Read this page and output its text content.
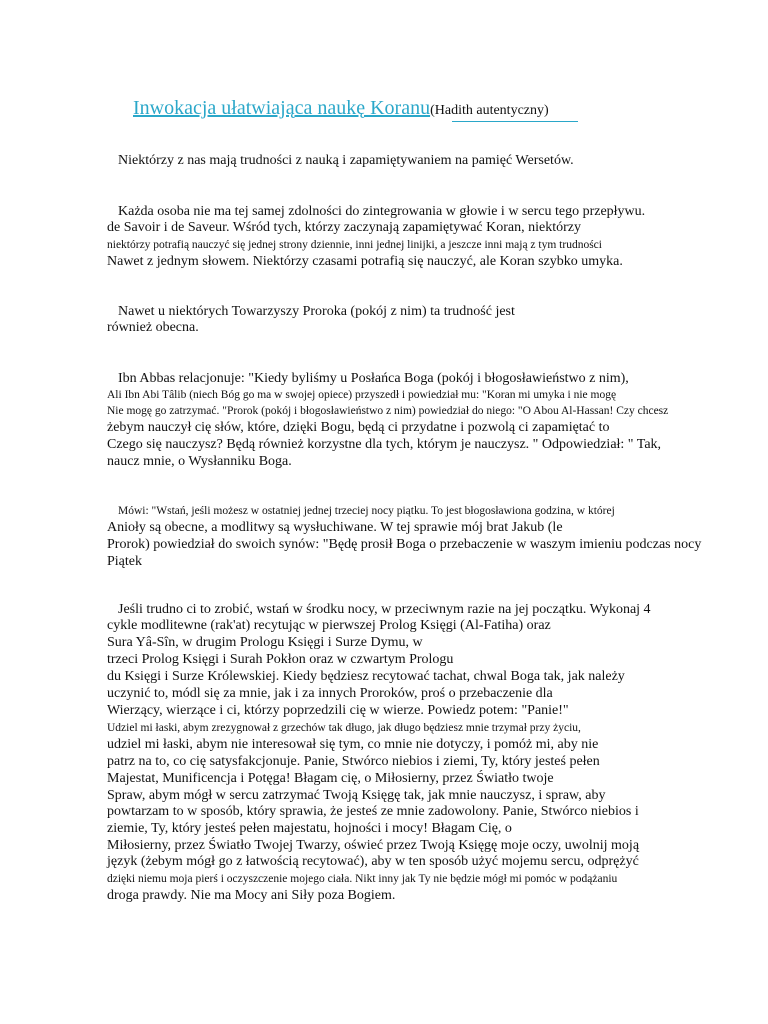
Inwokacja ułatwiająca naukę Koranu(Hadith autentyczny)
Niektórzy z nas mają trudności z nauką i zapamiętywaniem na pamięć Wersetów.
Każda osoba nie ma tej samej zdolności do zintegrowania w głowie i w sercu tego przepływu.
de Savoir i de Saveur. Wśród tych, którzy zaczynają zapamiętywać Koran, niektórzy
niektórzy potrafią nauczyć się jednej strony dziennie, inni jednej linijki, a jeszcze inni mają z tym trudności
Nawet z jednym słowem. Niektórzy czasami potrafią się nauczyć, ale Koran szybko umyka.
Nawet u niektórych Towarzyszy Proroka (pokój z nim) ta trudność jest
również obecna.
Ibn Abbas relacjonuje: "Kiedy byliśmy u Posłańca Boga (pokój i błogosławieństwo z nim),
Ali Ibn Abi Tâlib (niech Bóg go ma w swojej opiece) przyszedł i powiedział mu: "Koran mi umyka i nie mogę
Nie mogę go zatrzymać. "Prorok (pokój i błogosławieństwo z nim) powiedział do niego: "O Abou Al-Hassan! Czy chcesz
żebym nauczył cię słów, które, dzięki Bogu, będą ci przydatne i pozwolą ci zapamiętać to
Czego się nauczysz? Będą również korzystne dla tych, którym je nauczysz. " Odpowiedział: " Tak,
naucz mnie, o Wysłanniku Boga.
Mówi: "Wstań, jeśli możesz w ostatniej jednej trzeciej nocy piątku. To jest błogosławiona godzina, w której
Anioły są obecne, a modlitwy są wysłuchiwane. W tej sprawie mój brat Jakub (le
Prorok) powiedział do swoich synów: "Będę prosił Boga o przebaczenie w waszym imieniu podczas nocy
Piątek
Jeśli trudno ci to zrobić, wstań w środku nocy, w przeciwnym razie na jej początku. Wykonaj 4
cykle modlitewne (rak'at) recytując w pierwszej Prolog Księgi (Al-Fatiha) oraz
Sura Yâ-Sîn, w drugim Prologu Księgi i Surze Dymu, w
trzeci Prolog Księgi i Surah Pokłon oraz w czwartym Prologu
du Księgi i Surze Królewskiej. Kiedy będziesz recytować tachat, chwal Boga tak, jak należy
uczynić to, módl się za mnie, jak i za innych Proroków, proś o przebaczenie dla
Wierzący, wierzące i ci, którzy poprzedzili cię w wierze. Powiedz potem: "Panie!"
Udziel mi łaski, abym zrezygnował z grzechów tak długo, jak długo będziesz mnie trzymał przy życiu,
udziel mi łaski, abym nie interesował się tym, co mnie nie dotyczy, i pomóż mi, aby nie
patrz na to, co cię satysfakcjonuje. Panie, Stwórco niebios i ziemi, Ty, który jesteś pełen
Majestat, Munificencja i Potęga! Błagam cię, o Miłosierny, przez Światło twoje
Spraw, abym mógł w sercu zatrzymać Twoją Księgę tak, jak mnie nauczysz, i spraw, aby
powtarzam to w sposób, który sprawia, że jesteś ze mnie zadowolony. Panie, Stwórco niebios i
ziemie, Ty, który jesteś pełen majestatu, hojności i mocy! Błagam Cię, o
Miłosierny, przez Światło Twojej Twarzy, oświeć przez Twoją Księgę moje oczy, uwolnij moją
język (żebym mógł go z łatwością recytować), aby w ten sposób użyć mojemu sercu, odprężyć
dzięki niemu moja pierś i oczyszczenie mojego ciała. Nikt inny jak Ty nie będzie mógł mi pomóc w podążaniu
droga prawdy. Nie ma Mocy ani Siły poza Bogiem.
